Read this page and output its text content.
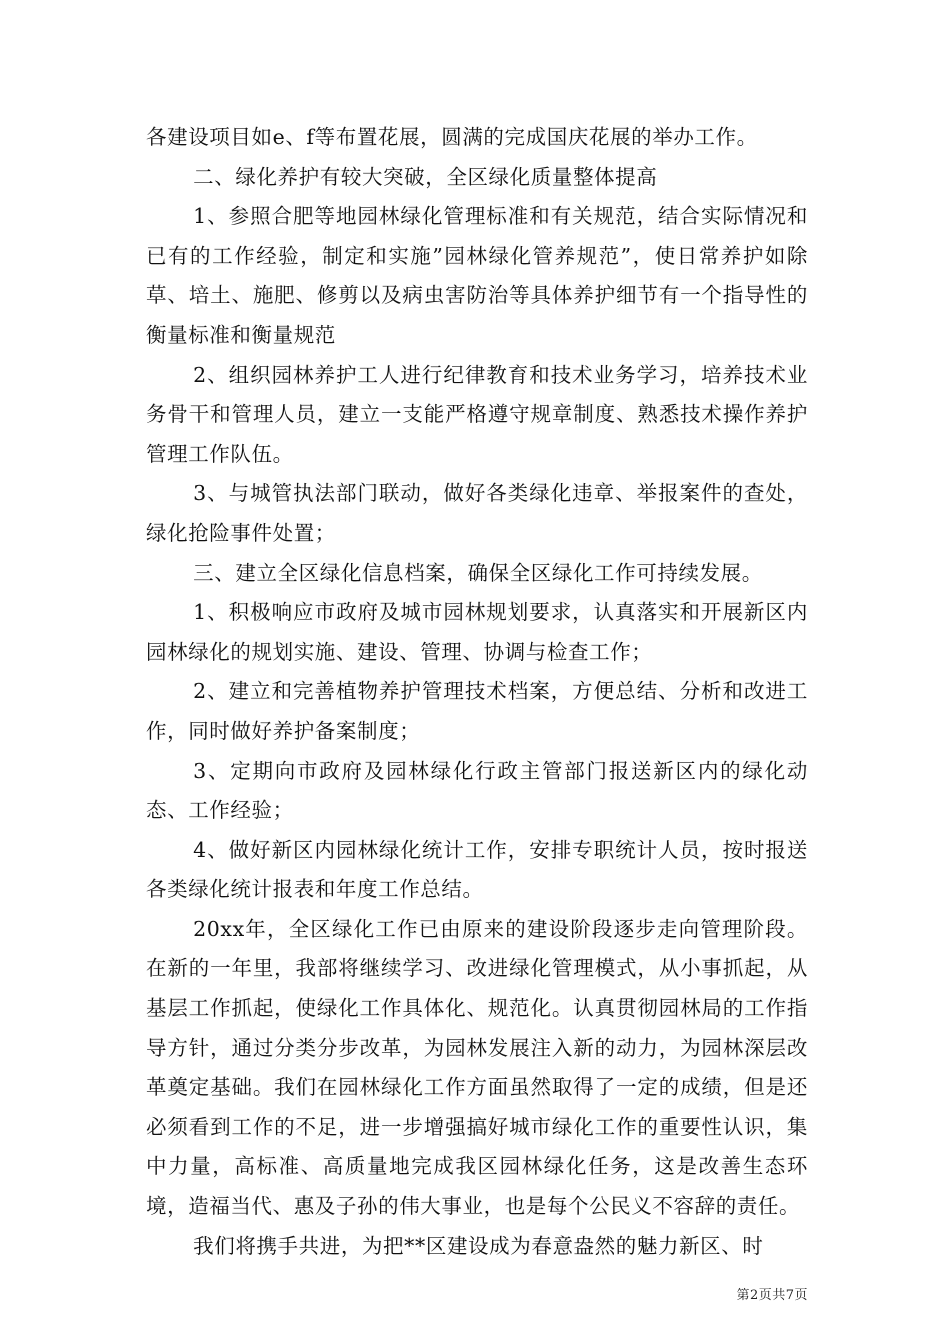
各建设项目如e、f等布置花展，圆满的完成国庆花展的举办工作。

二、绿化养护有较大突破，全区绿化质量整体提高

1、参照合肥等地园林绿化管理标准和有关规范，结合实际情况和已有的工作经验，制定和实施”园林绿化管养规范”，使日常养护如除草、培土、施肥、修剪以及病虫害防治等具体养护细节有一个指导性的衡量标准和衡量规范

2、组织园林养护工人进行纪律教育和技术业务学习，培养技术业务骨干和管理人员，建立一支能严格遵守规章制度、熟悉技术操作养护管理工作队伍。

3、与城管执法部门联动，做好各类绿化违章、举报案件的查处，绿化抢险事件处置；

三、建立全区绿化信息档案，确保全区绿化工作可持续发展。

1、积极响应市政府及城市园林规划要求，认真落实和开展新区内园林绿化的规划实施、建设、管理、协调与检查工作；

2、建立和完善植物养护管理技术档案，方便总结、分析和改进工作，同时做好养护备案制度；

3、定期向市政府及园林绿化行政主管部门报送新区内的绿化动态、工作经验；

4、做好新区内园林绿化统计工作，安排专职统计人员，按时报送各类绿化统计报表和年度工作总结。

20xx年，全区绿化工作已由原来的建设阶段逐步走向管理阶段。在新的一年里，我部将继续学习、改进绿化管理模式，从小事抓起，从基层工作抓起，使绿化工作具体化、规范化。认真贯彻园林局的工作指导方针，通过分类分步改革，为园林发展注入新的动力，为园林深层改革奠定基础。我们在园林绿化工作方面虽然取得了一定的成绩，但是还必须看到工作的不足，进一步增强搞好城市绿化工作的重要性认识，集中力量，高标准、高质量地完成我区园林绿化任务，这是改善生态环境，造福当代、惠及子孙的伟大事业，也是每个公民义不容辞的责任。

我们将携手共进，为把**区建设成为春意盎然的魅力新区、时

第2页共7页
